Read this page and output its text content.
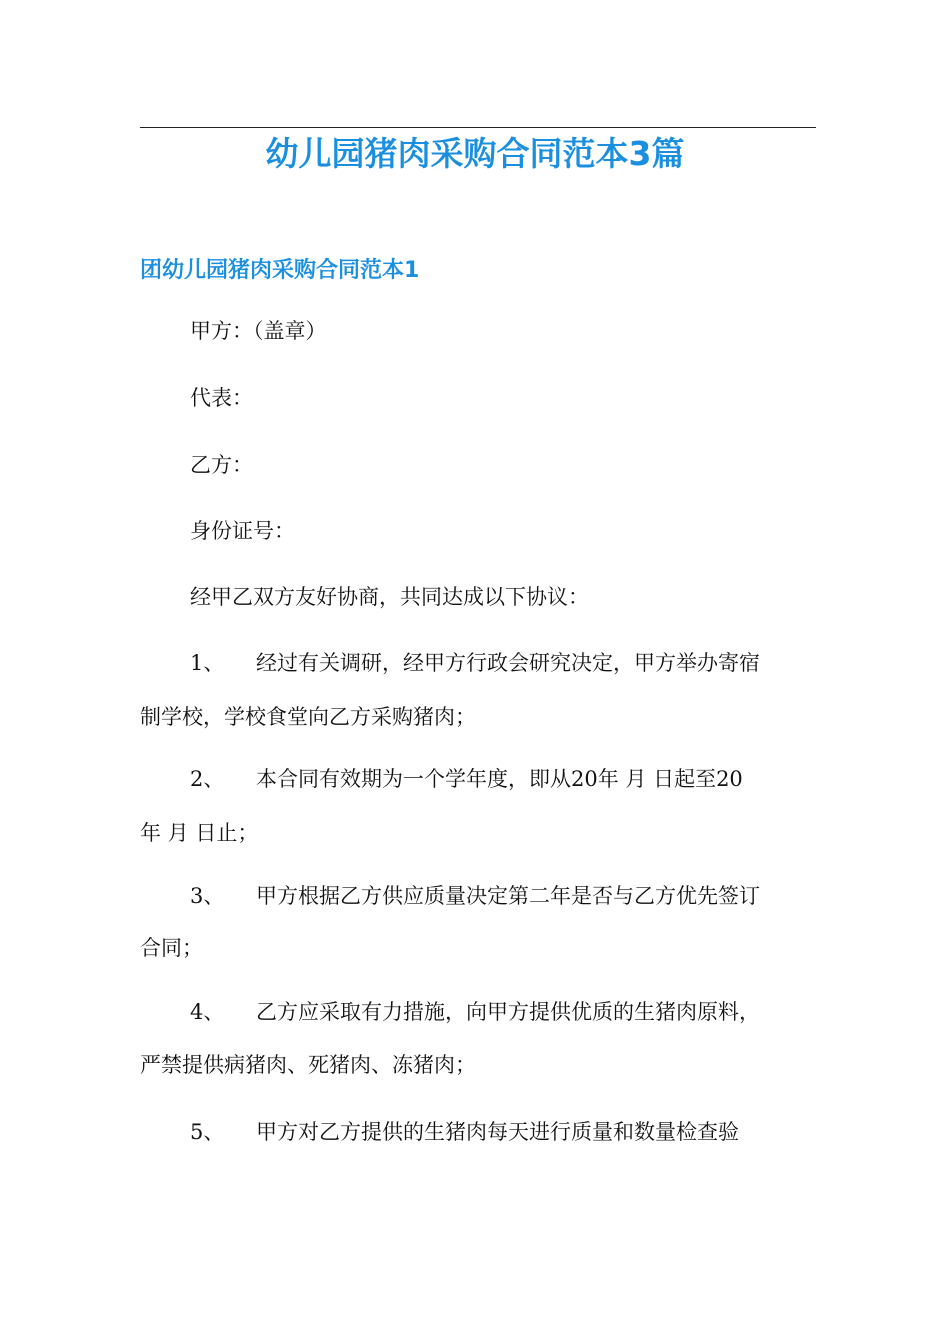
幼儿园猪肉采购合同范本3篇
团幼儿园猪肉采购合同范本1

甲方：（盖章）

代表：

乙方：

身份证号：

经甲乙双方友好协商，共同达成以下协议：

1、 经过有关调研，经甲方行政会研究决定，甲方举办寄宿

制学校，学校食堂向乙方采购猪肉；

2、 本合同有效期为一个学年度，即从20年 月 日起至20

年 月 日止；

3、 甲方根据乙方供应质量决定第二年是否与乙方优先签订

合同；

4、 乙方应采取有力措施，向甲方提供优质的生猪肉原料，

严禁提供病猪肉、死猪肉、冻猪肉；

5、 甲方对乙方提供的生猪肉每天进行质量和数量检查验
